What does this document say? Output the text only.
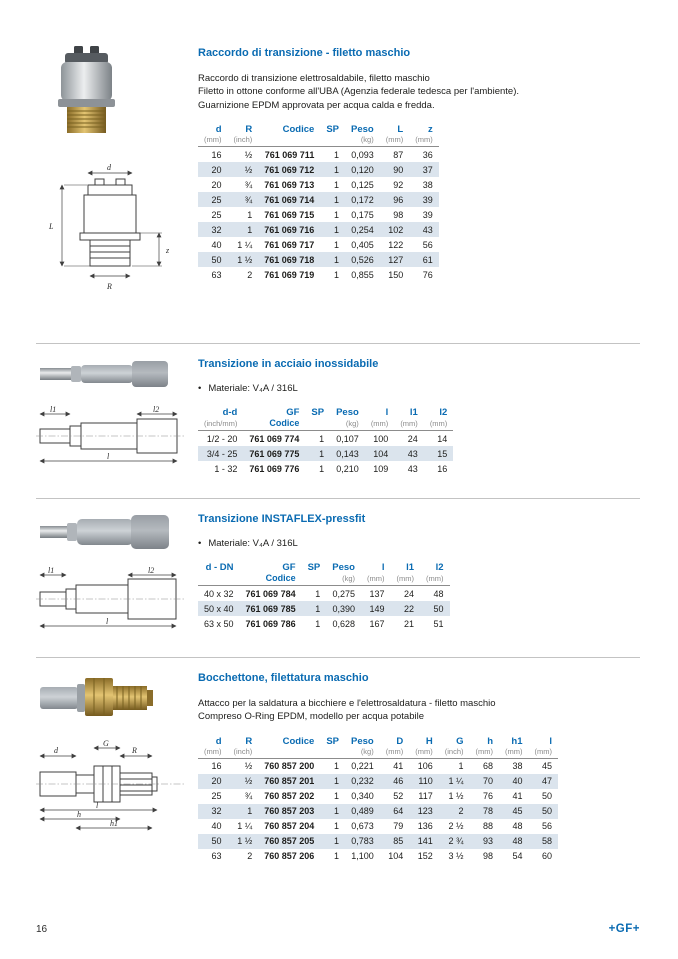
d
L
z
R
Raccordo di transizione - filetto maschio

Raccordo di transizione elettrosaldabile, filetto maschio

Filetto in ottone conforme all'UBA (Agenzia federale tedesca per l'ambiente).

Guarnizione EPDM approvata per acqua calda e fredda.

d	R	Codice	SP	Peso	L	z
(mm)	(inch)			(kg)	(mm)	(mm)
16	½	761 069 711	1	0,093	87	36
20	½	761 069 712	1	0,120	90	37
20	¾	761 069 713	1	0,125	92	38
25	¾	761 069 714	1	0,172	96	39
25	1	761 069 715	1	0,175	98	39
32	1	761 069 716	1	0,254	102	43
40	1 ¼	761 069 717	1	0,405	122	56
50	1 ½	761 069 718	1	0,526	127	61
63	2	761 069 719	1	0,855	150	76
l1	l2
l
Transizione in acciaio inossidabile
• Materiale: V₄A / 316L
d-d	GF	SP	Peso	l	l1	l2
(inch/mm)	Codice		(kg)	(mm)	(mm)	(mm)
1/2 - 20	761 069 774	1	0,107	100	24	14
3/4 - 25	761 069 775	1	0,143	104	43	15
1 - 32	761 069 776	1	0,210	109	43	16
l1	l2
l
Transizione INSTAFLEX-pressfit
• Materiale: V₄A / 316L
d - DN	GF	SP	Peso	l	l1	l2
	Codice		(kg)	(mm)	(mm)	(mm)
40 x 32	761 069 784	1	0,275	137	24	48
50 x 40	761 069 785	1	0,390	149	22	50
63 x 50	761 069 786	1	0,628	167	21	51
d
G
R
l
h
h1
Bocchettone, filettatura maschio

Attacco per la saldatura a bicchiere e l'elettrosaldatura - filetto maschio

Compreso O-Ring EPDM, modello per acqua potabile

d	R	Codice	SP	Peso	D	H	G	h	h1	l
(mm)	(inch)			(kg)	(mm)	(mm)	(inch)	(mm)	(mm)	(mm)
16	½	760 857 200	1	0,221	41	106	1	68	38	45
20	½	760 857 201	1	0,232	46	110	1 ¼	70	40	47
25	¾	760 857 202	1	0,340	52	117	1 ½	76	41	50
32	1	760 857 203	1	0,489	64	123	2	78	45	50
40	1 ¼	760 857 204	1	0,673	79	136	2 ½	88	48	56
50	1 ½	760 857 205	1	0,783	85	141	2 ¾	93	48	58
63	2	760 857 206	1	1,100	104	152	3 ½	98	54	60
16	+GF+
